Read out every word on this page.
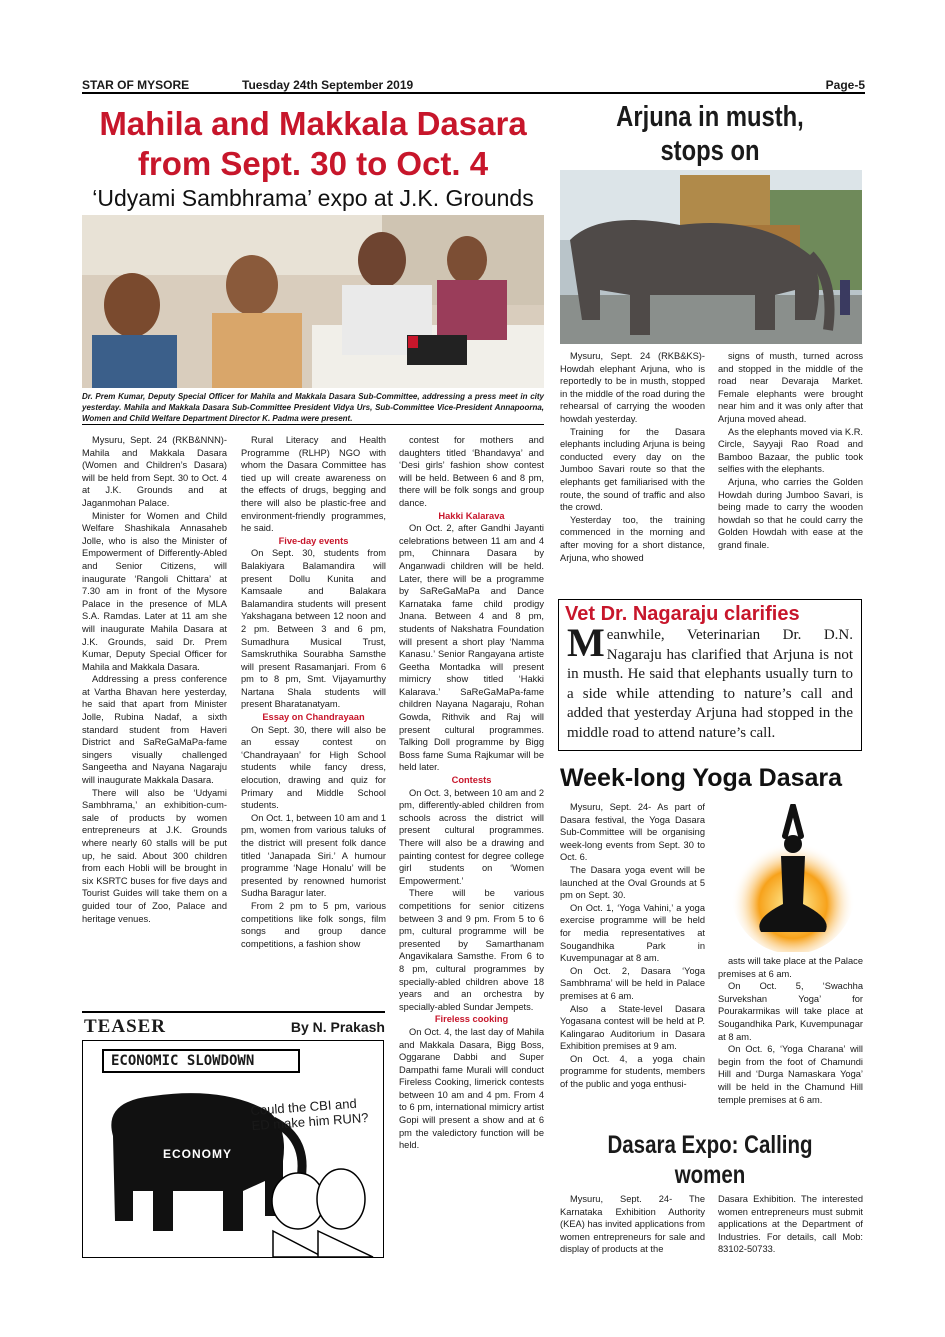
STAR OF MYSORE	Tuesday 24th September 2019	Page-5
Mahila and Makkala Dasara
from Sept. 30 to Oct. 4
‘Udyami Sambhrama’ expo at J.K. Grounds
Dr. Prem Kumar, Deputy Special Officer for Mahila and Makkala Dasara Sub-Committee, addressing a press meet in city yesterday. Mahila and Makkala Dasara Sub-Committee President Vidya Urs, Sub-Committee Vice-President Annapoorna, Women and Child Welfare Department Director K. Padma were present.

Mysuru, Sept. 24 (RKB&NNN)- Mahila and Makkala Dasara (Women and Children’s Dasara) will be held from Sept. 30 to Oct. 4 at J.K. Grounds and at Jaganmohan Palace.

Minister for Women and Child Welfare Shashikala Annasaheb Jolle, who is also the Minister of Empowerment of Differently-Abled and Senior Citizens, will inaugurate ‘Rangoli Chittara’ at 7.30 am in front of the Mysore Palace in the presence of MLA S.A. Ramdas. Later at 11 am she will inaugurate Mahila Dasara at J.K. Grounds, said Dr. Prem Kumar, Deputy Special Officer for Mahila and Makkala Dasara.

Addressing a press conference at Vartha Bhavan here yesterday, he said that apart from Minister Jolle, Rubina Nadaf, a sixth standard student from Haveri District and SaReGaMaPa-fame singers visually challenged Sangeetha and Nayana Nagaraju will inaugurate Makkala Dasara.

There will also be ‘Udyami Sambhrama,’ an exhibition-cum-sale of products by women entrepreneurs at J.K. Grounds where nearly 60 stalls will be put up, he said. About 300 children from each Hobli will be brought in six KSRTC buses for five days and Tourist Guides will take them on a guided tour of Zoo, Palace and heritage venues.

Rural Literacy and Health Programme (RLHP) NGO with whom the Dasara Committee has tied up will create awareness on the effects of drugs, begging and there will also be plastic-free and environment-friendly programmes, he said.

Five-day events

On Sept. 30, students from Balakiyara Balamandira will present Dollu Kunita and Kamsaale and Balakara Balamandira students will present Yakshagana between 12 noon and 2 pm. Between 3 and 6 pm, Sumadhura Musical Trust, Samskruthika Sourabha Samsthe will present Rasamanjari. From 6 pm to 8 pm, Smt. Vijayamurthy Nartana Shala students will present Bharatanatyam.

Essay on Chandrayaan

On Sept. 30, there will also be an essay contest on ‘Chandrayaan’ for High School students while fancy dress, elocution, drawing and quiz for Primary and Middle School students.

On Oct. 1, between 10 am and 1 pm, women from various taluks of the district will present folk dance titled ‘Janapada Siri.’ A humour programme ‘Nage Honalu’ will be presented by renowned humorist Sudha Baragur later.

From 2 pm to 5 pm, various competitions like folk songs, film songs and group dance competitions, a fashion show

contest for mothers and daughters titled ‘Bhandavya’ and ‘Desi girls’ fashion show contest will be held. Between 6 and 8 pm, there will be folk songs and group dance.

Hakki Kalarava

On Oct. 2, after Gandhi Jayanti celebrations between 11 am and 4 pm, Chinnara Dasara by Anganwadi children will be held. Later, there will be a programme by SaReGaMaPa and Dance Karnataka fame child prodigy Jnana. Between 4 and 8 pm, students of Nakshatra Foundation will present a short play ‘Namma Kanasu.’ Senior Rangayana artiste Geetha Montadka will present mimicry show titled ‘Hakki Kalarava.’ SaReGaMaPa-fame children Nayana Nagaraju, Rohan Gowda, Rithvik and Raj will present cultural programmes. Talking Doll programme by Bigg Boss fame Suma Rajkumar will be held later.

Contests

On Oct. 3, between 10 am and 2 pm, differently-abled children from schools across the district will present cultural programmes. There will also be a drawing and painting contest for degree college girl students on ‘Women Empowerment.’

There will be various competitions for senior citizens between 3 and 9 pm. From 5 to 6 pm, cultural programme will be presented by Samarthanam Angavikalara Samsthe. From 6 to 8 pm, cultural programmes by specially-abled children above 18 years and an orchestra by specially-abled Sundar Jempets.

Fireless cooking

On Oct. 4, the last day of Mahila and Makkala Dasara, Bigg Boss, Oggarane Dabbi and Super Dampathi fame Murali will conduct Fireless Cooking, limerick contests between 10 am and 4 pm. From 4 to 6 pm, international mimicry artist Gopi will present a show and at 6 pm the valedictory function will be held.

TEASER	By N. Prakash
ECONOMIC SLOWDOWN
Could the CBI and ED make him RUN?
ECONOMY
Arjuna in musth, stops on

Mysuru, Sept. 24 (RKB&KS)- Howdah elephant Arjuna, who is reportedly to be in musth, stopped in the middle of the road during the rehearsal of carrying the wooden howdah yesterday.

Training for the Dasara elephants including Arjuna is being conducted every day on the Jumboo Savari route so that the elephants get familiarised with the route, the sound of traffic and also the crowd.

Yesterday too, the training commenced in the morning and after moving for a short distance, Arjuna, who showed

signs of musth, turned across and stopped in the middle of the road near Devaraja Market. Female elephants were brought near him and it was only after that Arjuna moved ahead.

As the elephants moved via K.R. Circle, Sayyaji Rao Road and Bamboo Bazaar, the public took selfies with the elephants.

Arjuna, who carries the Golden Howdah during Jumboo Savari, is being made to carry the wooden howdah so that he could carry the Golden Howdah with ease at the grand finale.

Vet Dr. Nagaraju clarifies
Meanwhile, Veterinarian Dr. D.N. Nagaraju has clarified that Arjuna is not in musth. He said that elephants usually turn to a side while attending to nature’s call and added that yesterday Arjuna had stopped in the middle road to attend nature’s call.
Week-long Yoga Dasara

Mysuru, Sept. 24- As part of Dasara festival, the Yoga Dasara Sub-Committee will be organising week-long events from Sept. 30 to Oct. 6.

The Dasara yoga event will be launched at the Oval Grounds at 5 pm on Sept. 30.

On Oct. 1, ‘Yoga Vahini,’ a yoga exercise programme will be held for media representatives at Sougandhika Park in Kuvempunagar at 8 am.

On Oct. 2, Dasara ‘Yoga Sambhrama’ will be held in Palace premises at 6 am.

Also a State-level Dasara Yogasana contest will be held at P. Kalingarao Auditorium in Dasara Exhibition premises at 9 am.

On Oct. 4, a yoga chain programme for students, members of the public and yoga enthusi-

asts will take place at the Palace premises at 6 am.

On Oct. 5, ‘Swachha Survekshan Yoga’ for Pourakarmikas will take place at Sougandhika Park, Kuvempunagar at 8 am.

On Oct. 6, ‘Yoga Charana’ will begin from the foot of Chamundi Hill and ‘Durga Namaskara Yoga’ will be held in the Chamund Hill temple premises at 6 am.

Dasara Expo: Calling women

Mysuru, Sept. 24- The Karnataka Exhibition Authority (KEA) has invited applications from women entrepreneurs for sale and display of products at the

Dasara Exhibition. The interested women entrepreneurs must submit applications at the Department of Industries. For details, call Mob: 83102-50733.
